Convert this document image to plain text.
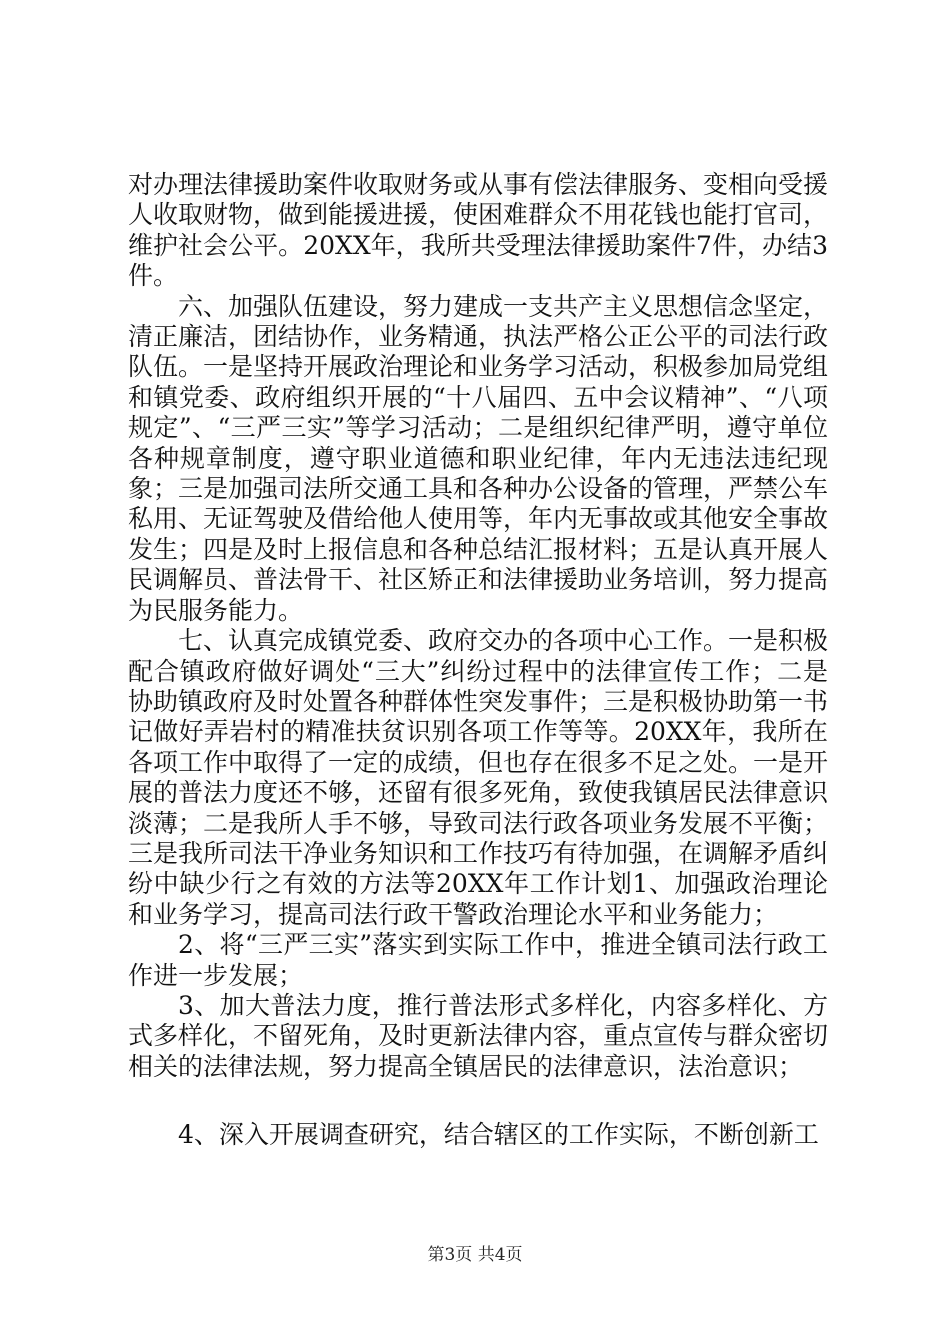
对办理法律援助案件收取财务或从事有偿法律服务、变相向受援人收取财物，做到能援进援，使困难群众不用花钱也能打官司，维护社会公平。20XX年，我所共受理法律援助案件7件，办结3件。

六、加强队伍建设，努力建成一支共产主义思想信念坚定，清正廉洁，团结协作，业务精通，执法严格公正公平的司法行政队伍。一是坚持开展政治理论和业务学习活动，积极参加局党组和镇党委、政府组织开展的“十八届四、五中会议精神”、“八项规定”、“三严三实”等学习活动；二是组织纪律严明，遵守单位各种规章制度，遵守职业道德和职业纪律，年内无违法违纪现象；三是加强司法所交通工具和各种办公设备的管理，严禁公车私用、无证驾驶及借给他人使用等，年内无事故或其他安全事故发生；四是及时上报信息和各种总结汇报材料；五是认真开展人民调解员、普法骨干、社区矫正和法律援助业务培训，努力提高为民服务能力。

七、认真完成镇党委、政府交办的各项中心工作。一是积极配合镇政府做好调处“三大”纠纷过程中的法律宣传工作；二是协助镇政府及时处置各种群体性突发事件；三是积极协助第一书记做好弄岩村的精准扶贫识别各项工作等等。20XX年，我所在各项工作中取得了一定的成绩，但也存在很多不足之处。一是开展的普法力度还不够，还留有很多死角，致使我镇居民法律意识淡薄；二是我所人手不够，导致司法行政各项业务发展不平衡；三是我所司法干净业务知识和工作技巧有待加强，在调解矛盾纠纷中缺少行之有效的方法等20XX年工作计划1、加强政治理论和业务学习，提高司法行政干警政治理论水平和业务能力；

2、将“三严三实”落实到实际工作中，推进全镇司法行政工作进一步发展；

3、加大普法力度，推行普法形式多样化，内容多样化、方式多样化，不留死角，及时更新法律内容，重点宣传与群众密切相关的法律法规，努力提高全镇居民的法律意识，法治意识；

4、深入开展调查研究，结合辖区的工作实际，不断创新工

第3页 共4页
